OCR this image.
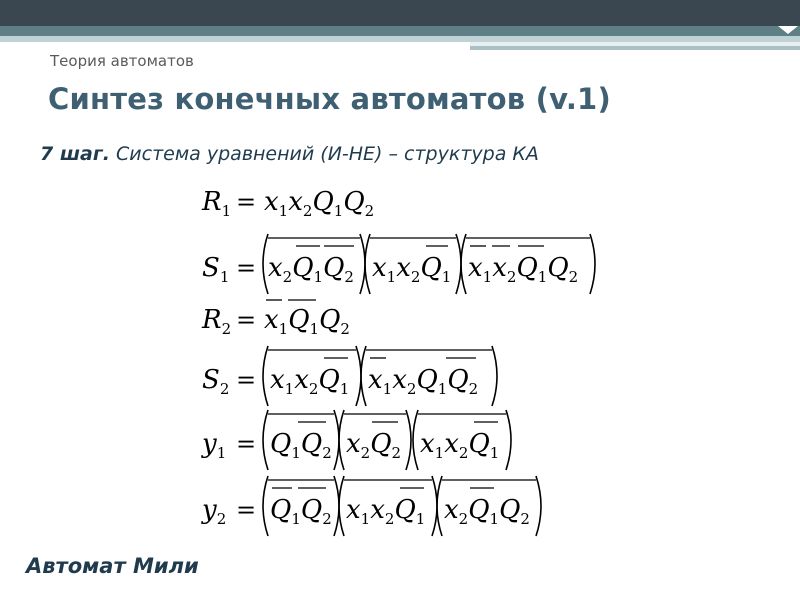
Теория автоматов
Синтез конечных автоматов (v.1)
7 шаг. Система уравнений (И-НЕ) – структура КА
$R_1 = x_1x_2Q_1Q_2$
$S_1 = x_2Q_1Q_2$ $x_1x_2Q_1$ $x_1x_2Q_1Q_2$
$R_2 = x_1Q_1Q_2$
$S_2 = x_1x_2Q_1$ $x_1x_2Q_1Q_2$
$y_1 = Q_1Q_2$ $x_2Q_2$ $x_1x_2Q_1$
$y_2 = Q_1Q_2$ $x_1x_2Q_1$ $x_2Q_1Q_2$
Автомат Мили
